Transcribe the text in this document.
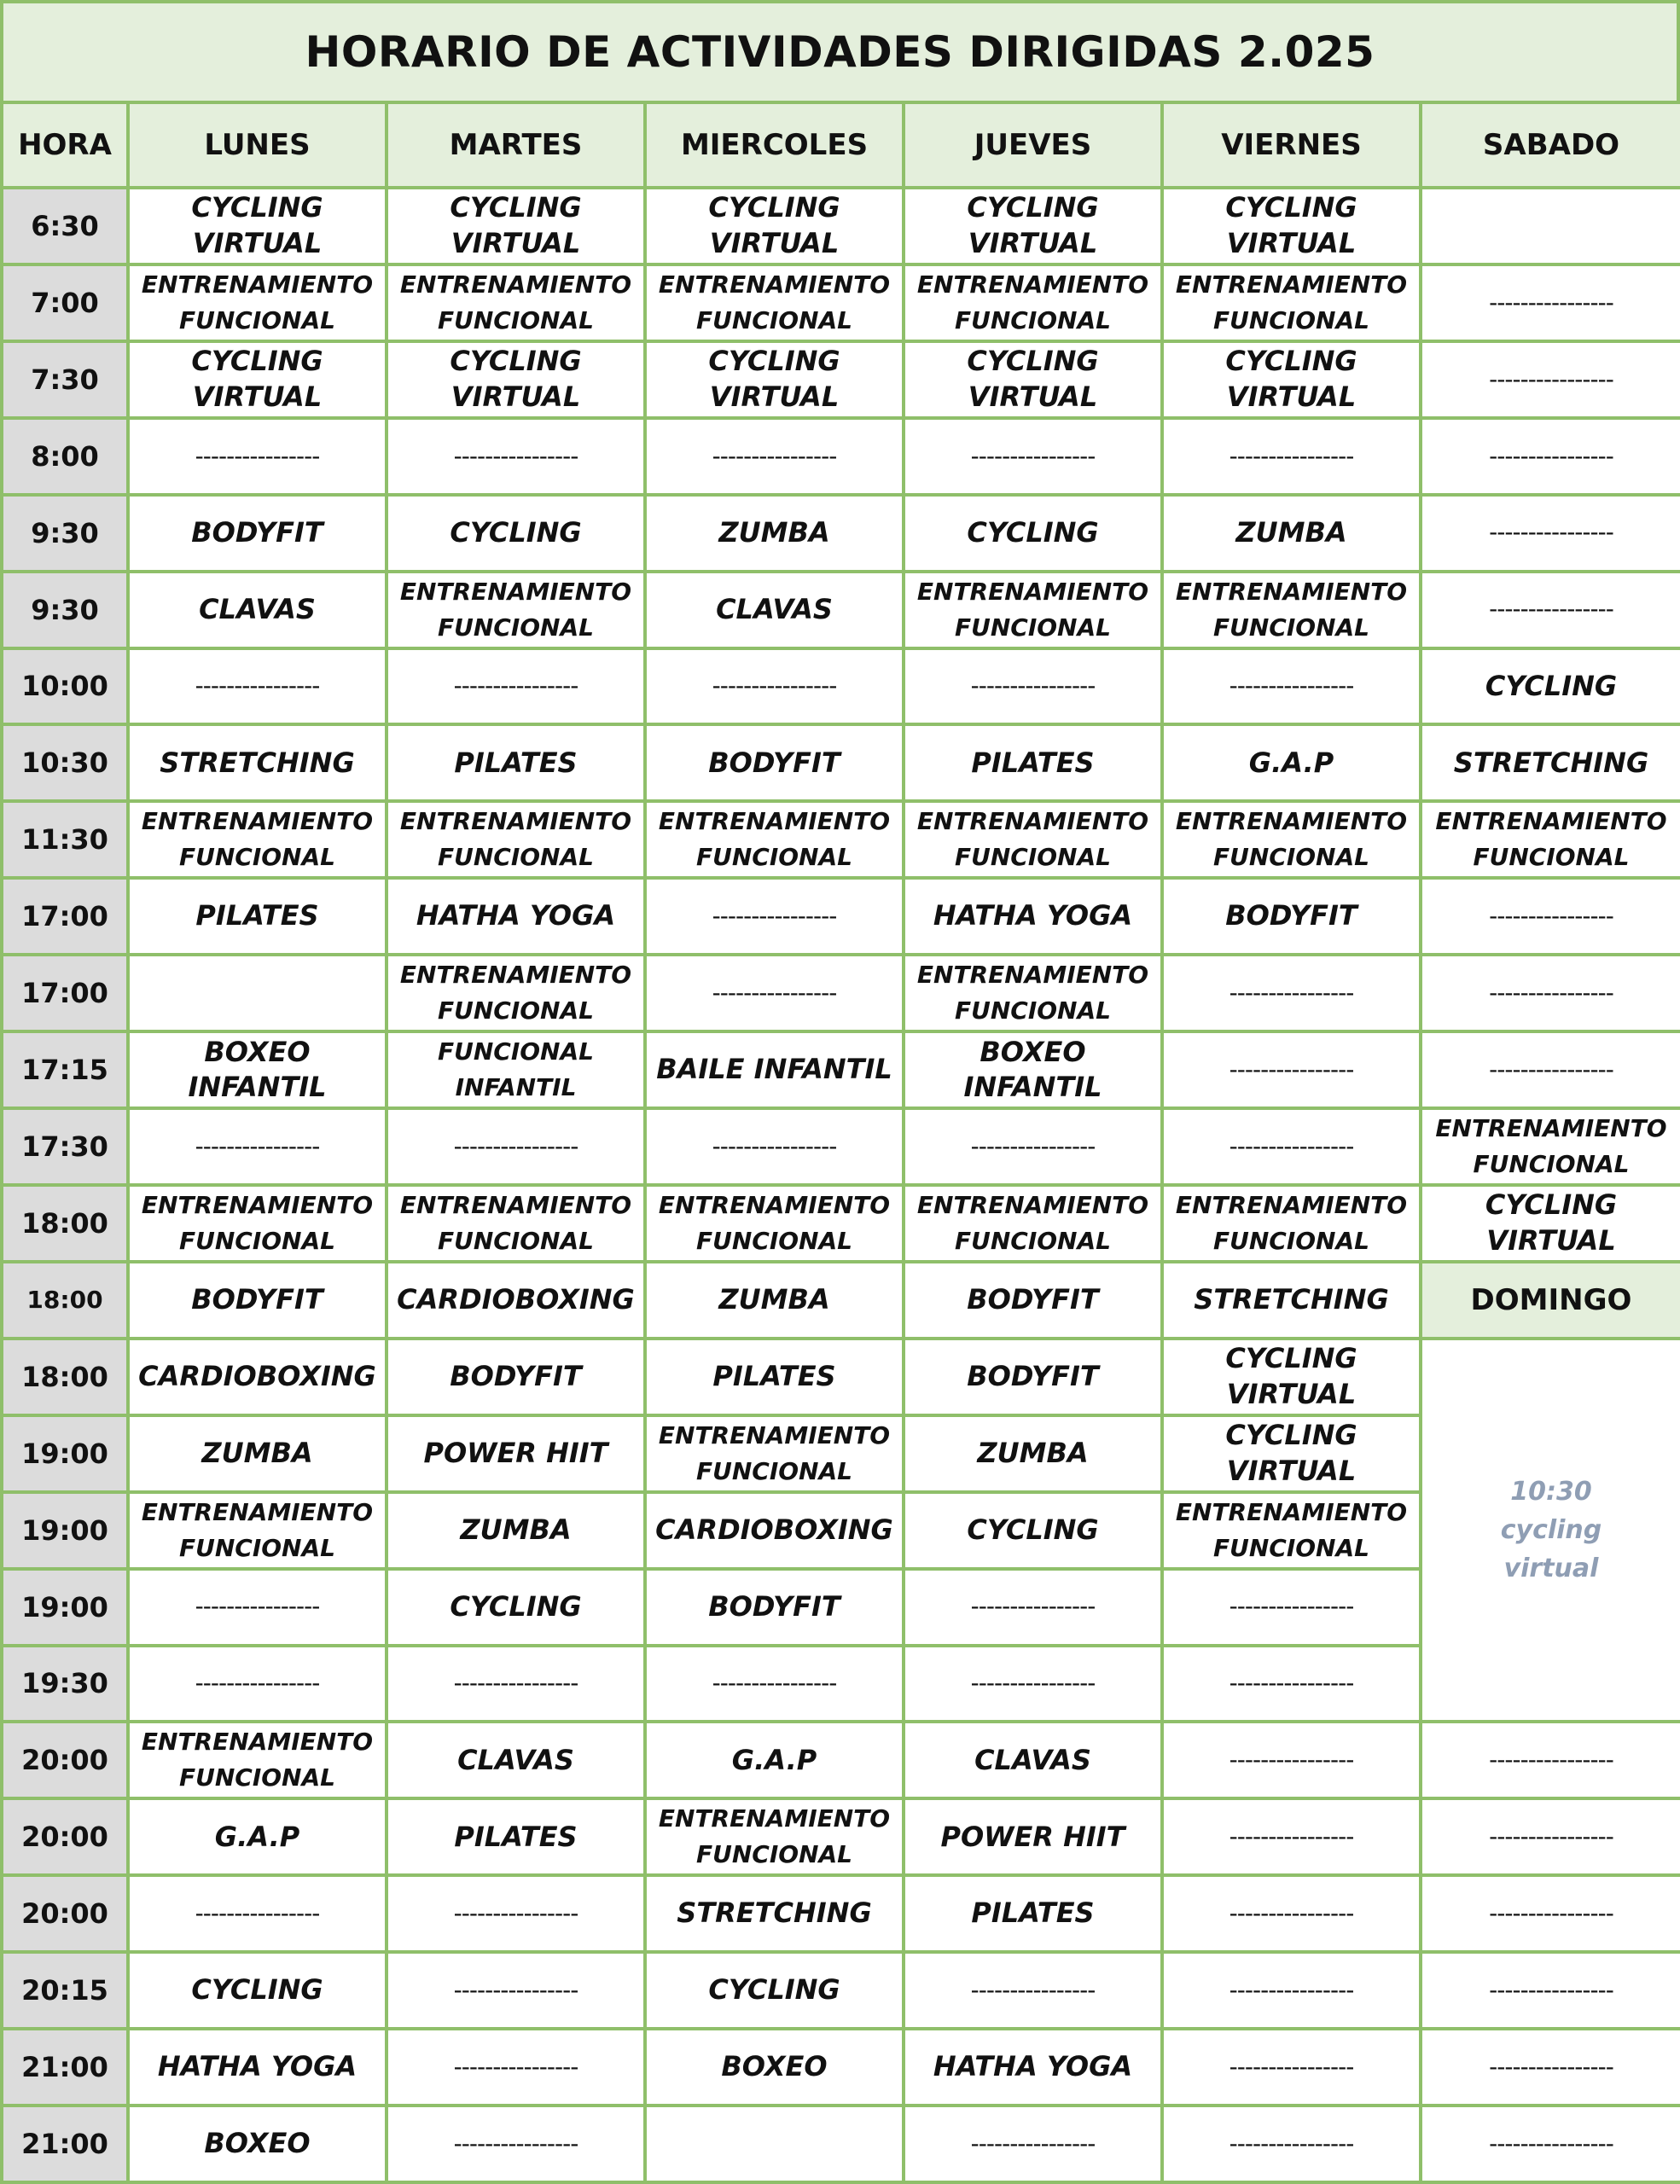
HORARIO DE ACTIVIDADES DIRIGIDAS 2.025
HORA	LUNES	MARTES	MIERCOLES	JUEVES	VIERNES	SABADO
6:30	CYCLING VIRTUAL	CYCLING VIRTUAL	CYCLING VIRTUAL	CYCLING VIRTUAL	CYCLING VIRTUAL	
7:00	ENTRENAMIENTO FUNCIONAL	ENTRENAMIENTO FUNCIONAL	ENTRENAMIENTO FUNCIONAL	ENTRENAMIENTO FUNCIONAL	ENTRENAMIENTO FUNCIONAL	----------------
7:30	CYCLING VIRTUAL	CYCLING VIRTUAL	CYCLING VIRTUAL	CYCLING VIRTUAL	CYCLING VIRTUAL	----------------
8:00	----------------	----------------	----------------	----------------	----------------	----------------
9:30	BODYFIT	CYCLING	ZUMBA	CYCLING	ZUMBA	----------------
9:30	CLAVAS	ENTRENAMIENTO FUNCIONAL	CLAVAS	ENTRENAMIENTO FUNCIONAL	ENTRENAMIENTO FUNCIONAL	----------------
10:00	----------------	----------------	----------------	----------------	----------------	CYCLING
10:30	STRETCHING	PILATES	BODYFIT	PILATES	G.A.P	STRETCHING
11:30	ENTRENAMIENTO FUNCIONAL	ENTRENAMIENTO FUNCIONAL	ENTRENAMIENTO FUNCIONAL	ENTRENAMIENTO FUNCIONAL	ENTRENAMIENTO FUNCIONAL	ENTRENAMIENTO FUNCIONAL
17:00	PILATES	HATHA YOGA	----------------	HATHA YOGA	BODYFIT	----------------
17:00		ENTRENAMIENTO FUNCIONAL	----------------	ENTRENAMIENTO FUNCIONAL	----------------	----------------
17:15	BOXEO INFANTIL	FUNCIONAL INFANTIL	BAILE INFANTIL	BOXEO INFANTIL	----------------	----------------
17:30	----------------	----------------	----------------	----------------	----------------	ENTRENAMIENTO FUNCIONAL
18:00	ENTRENAMIENTO FUNCIONAL	ENTRENAMIENTO FUNCIONAL	ENTRENAMIENTO FUNCIONAL	ENTRENAMIENTO FUNCIONAL	ENTRENAMIENTO FUNCIONAL	CYCLING VIRTUAL
18:00	BODYFIT	CARDIOBOXING	ZUMBA	BODYFIT	STRETCHING	DOMINGO
18:00	CARDIOBOXING	BODYFIT	PILATES	BODYFIT	CYCLING VIRTUAL	10:30 cycling virtual
19:00	ZUMBA	POWER HIIT	ENTRENAMIENTO FUNCIONAL	ZUMBA	CYCLING VIRTUAL	
19:00	ENTRENAMIENTO FUNCIONAL	ZUMBA	CARDIOBOXING	CYCLING	ENTRENAMIENTO FUNCIONAL	
19:00	----------------	CYCLING	BODYFIT	----------------	----------------	
19:30	----------------	----------------	----------------	----------------	----------------	
20:00	ENTRENAMIENTO FUNCIONAL	CLAVAS	G.A.P	CLAVAS	----------------	----------------
20:00	G.A.P	PILATES	ENTRENAMIENTO FUNCIONAL	POWER HIIT	----------------	----------------
20:00	----------------	----------------	STRETCHING	PILATES	----------------	----------------
20:15	CYCLING	----------------	CYCLING	----------------	----------------	----------------
21:00	HATHA YOGA	----------------	BOXEO	HATHA YOGA	----------------	----------------
21:00	BOXEO	----------------		----------------	----------------	----------------
